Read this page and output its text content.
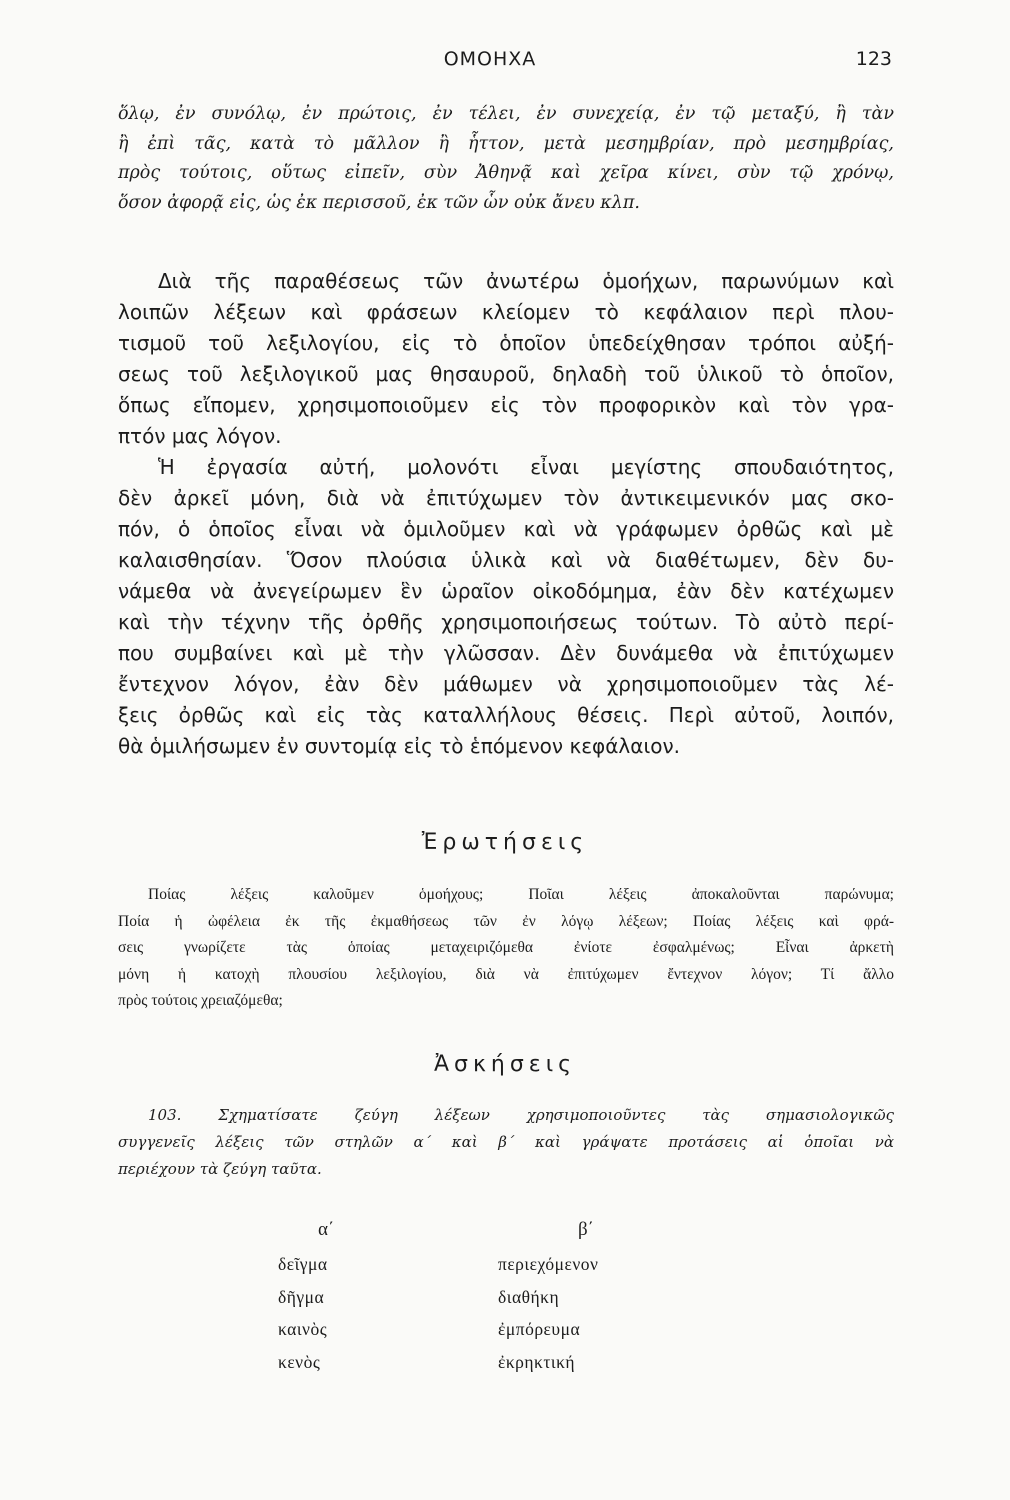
ΟΜΟΗΧΑ	123
ὅλῳ, ἐν συνόλῳ, ἐν πρώτοις, ἐν τέλει, ἐν συνεχείᾳ, ἐν τῷ μεταξύ, ἢ τὰν
ἢ ἐπὶ τᾶς, κατὰ τὸ μᾶλλον ἢ ἧττον, μετὰ μεσημβρίαν, πρὸ μεσημβρίας,
πρὸς τούτοις, οὕτως εἰπεῖν, σὺν Ἀθηνᾷ καὶ χεῖρα κίνει, σὺν τῷ χρόνῳ,
ὅσον ἀφορᾷ εἰς, ὡς ἐκ περισσοῦ, ἐκ τῶν ὧν οὐκ ἄνευ κλπ.
Διὰ τῆς παραθέσεως τῶν ἀνωτέρω ὁμοήχων, παρωνύμων καὶ
λοιπῶν λέξεων καὶ φράσεων κλείομεν τὸ κεφάλαιον περὶ πλου-
τισμοῦ τοῦ λεξιλογίου, εἰς τὸ ὁποῖον ὑπεδείχθησαν τρόποι αὐξή-
σεως τοῦ λεξιλογικοῦ μας θησαυροῦ, δηλαδὴ τοῦ ὑλικοῦ τὸ ὁποῖον,
ὅπως εἴπομεν, χρησιμοποιοῦμεν εἰς τὸν προφορικὸν καὶ τὸν γρα-
πτόν μας λόγον.
Ἡ ἐργασία αὐτή, μολονότι εἶναι μεγίστης σπουδαιότητος,
δὲν ἀρκεῖ μόνη, διὰ νὰ ἐπιτύχωμεν τὸν ἀντικειμενικόν μας σκο-
πόν, ὁ ὁποῖος εἶναι νὰ ὁμιλοῦμεν καὶ νὰ γράφωμεν ὀρθῶς καὶ μὲ
καλαισθησίαν. Ὅσον πλούσια ὑλικὰ καὶ νὰ διαθέτωμεν, δὲν δυ-
νάμεθα νὰ ἀνεγείρωμεν ἓν ὡραῖον οἰκοδόμημα, ἐὰν δὲν κατέχωμεν
καὶ τὴν τέχνην τῆς ὀρθῆς χρησιμοποιήσεως τούτων. Τὸ αὐτὸ περί-
που συμβαίνει καὶ μὲ τὴν γλῶσσαν. Δὲν δυνάμεθα νὰ ἐπιτύχωμεν
ἔντεχνον λόγον, ἐὰν δὲν μάθωμεν νὰ χρησιμοποιοῦμεν τὰς λέ-
ξεις ὀρθῶς καὶ εἰς τὰς καταλλήλους θέσεις. Περὶ αὐτοῦ, λοιπόν,
θὰ ὁμιλήσωμεν ἐν συντομίᾳ εἰς τὸ ἑπόμενον κεφάλαιον.
Ἐρωτήσεις
Ποίας λέξεις καλοῦμεν ὁμοήχους; Ποῖαι λέξεις ἀποκαλοῦνται παρώνυμα;
Ποία ἡ ὠφέλεια ἐκ τῆς ἐκμαθήσεως τῶν ἐν λόγῳ λέξεων; Ποίας λέξεις καὶ φρά-
σεις γνωρίζετε τὰς ὁποίας μεταχειριζόμεθα ἐνίοτε ἐσφαλμένως; Εἶναι ἀρκετὴ
μόνη ἡ κατοχὴ πλουσίου λεξιλογίου, διὰ νὰ ἐπιτύχωμεν ἔντεχνον λόγον; Τί ἄλλο
πρὸς τούτοις χρειαζόμεθα;
Ἀσκήσεις
103. Σχηματίσατε ζεύγη λέξεων χρησιμοποιοῦντες τὰς σημασιολογικῶς
συγγενεῖς λέξεις τῶν στηλῶν α΄ καὶ β΄ καὶ γράψατε προτάσεις αἱ ὁποῖαι νὰ
περιέχουν τὰ ζεύγη ταῦτα.
α΄
δεῖγμα
δῆγμα
καινὸς
κενὸς
β΄
περιεχόμενον
διαθήκη
ἐμπόρευμα
ἐκρηκτική
